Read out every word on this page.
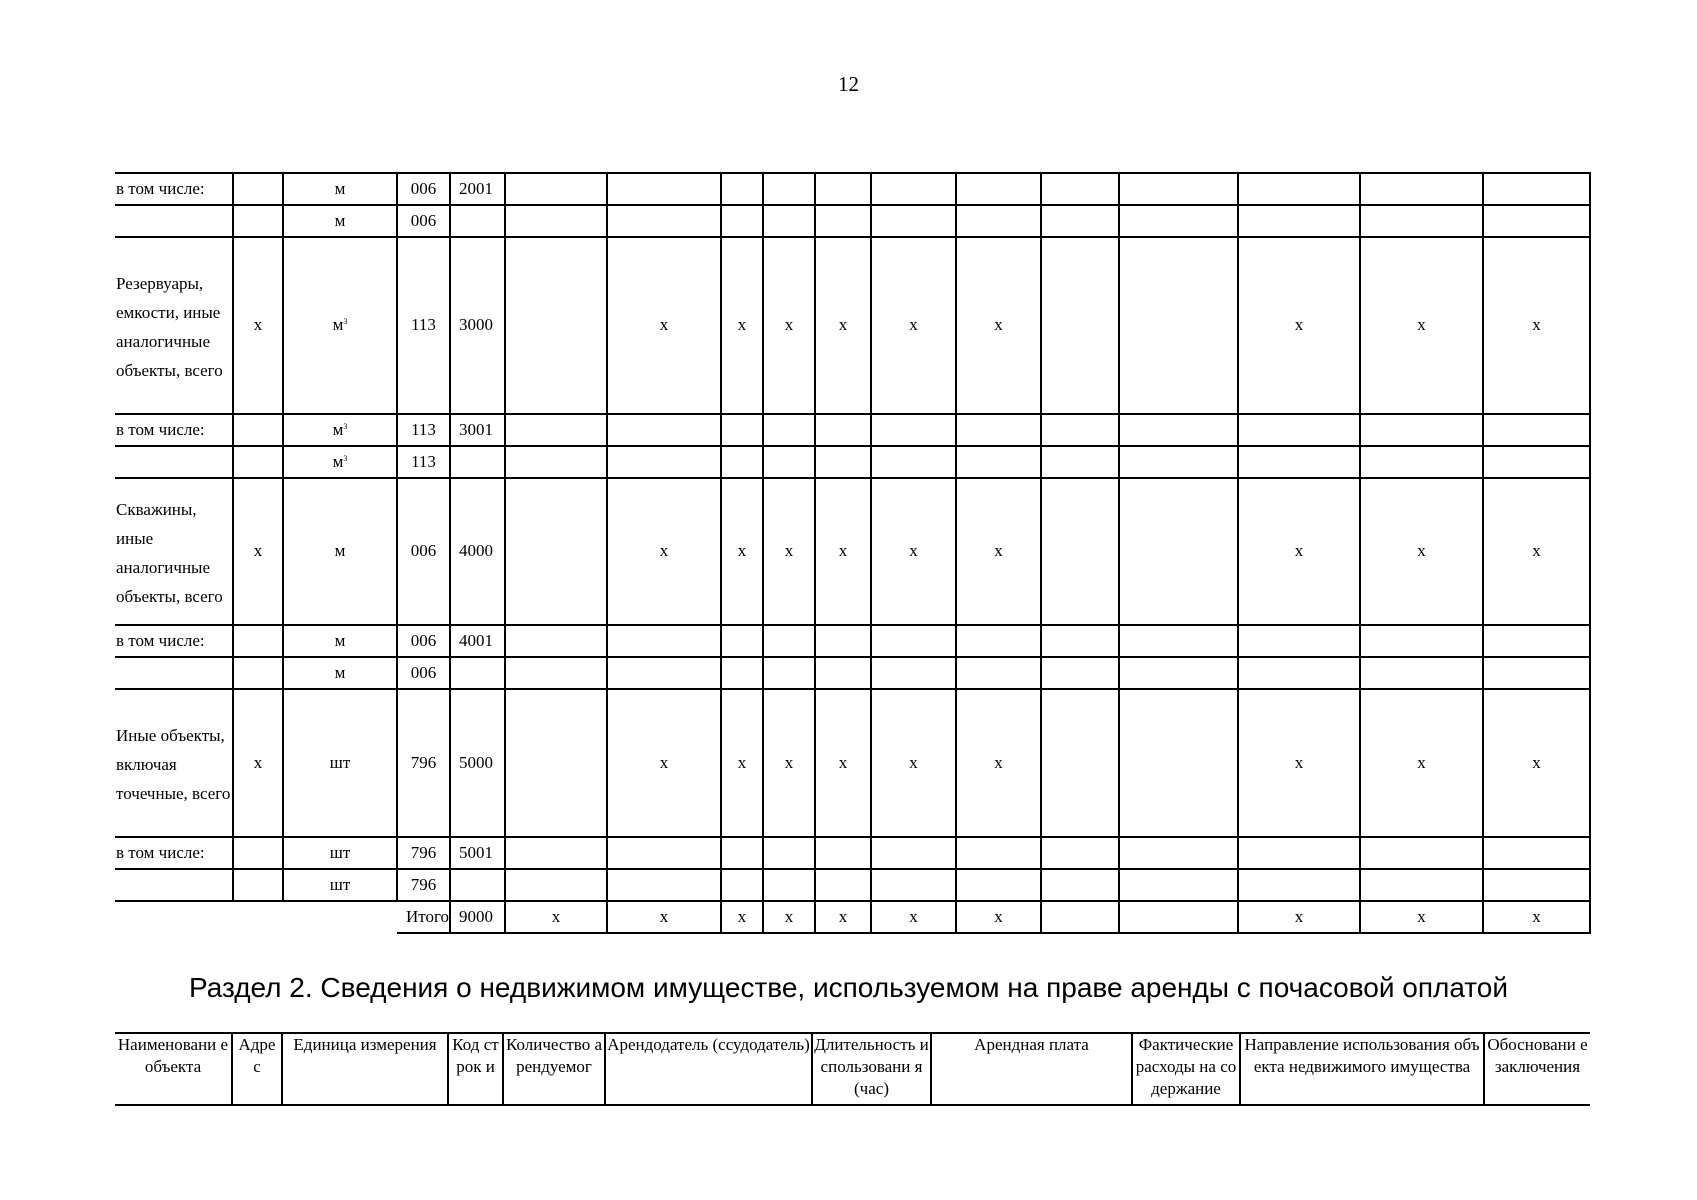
12
в том числе:		м	006	2001												
		м	006													
Резервуары, емкости, иные аналогичные объекты, всего	х	$м^3$	113	3000		х	х	х	х	х	х			х	х	х
в том числе:		$м^3$	113	3001												
		$м^3$	113													
Скважины, иные аналогичные объекты, всего	х	м	006	4000		х	х	х	х	х	х			х	х	х
в том числе:		м	006	4001												
		м	006													
Иные объекты, включая точечные, всего	х	шт	796	5000		х	х	х	х	х	х			х	х	х
в том числе:		шт	796	5001												
		шт	796													
			Итого	9000	х	х	х	х	х	х	х			х	х	х
Раздел 2. Сведения о недвижимом имуществе, используемом на праве аренды с почасовой оплатой
Наименовани е объекта	Адре с	Единица измерения	Код строк и	Количество арендуемог	Арендодатель (ссудодатель)	Длительность использовани я (час)	Арендная плата	Фактические расходы на содержание	Направление использования объекта недвижимого имущества	Обосновани е заключения
